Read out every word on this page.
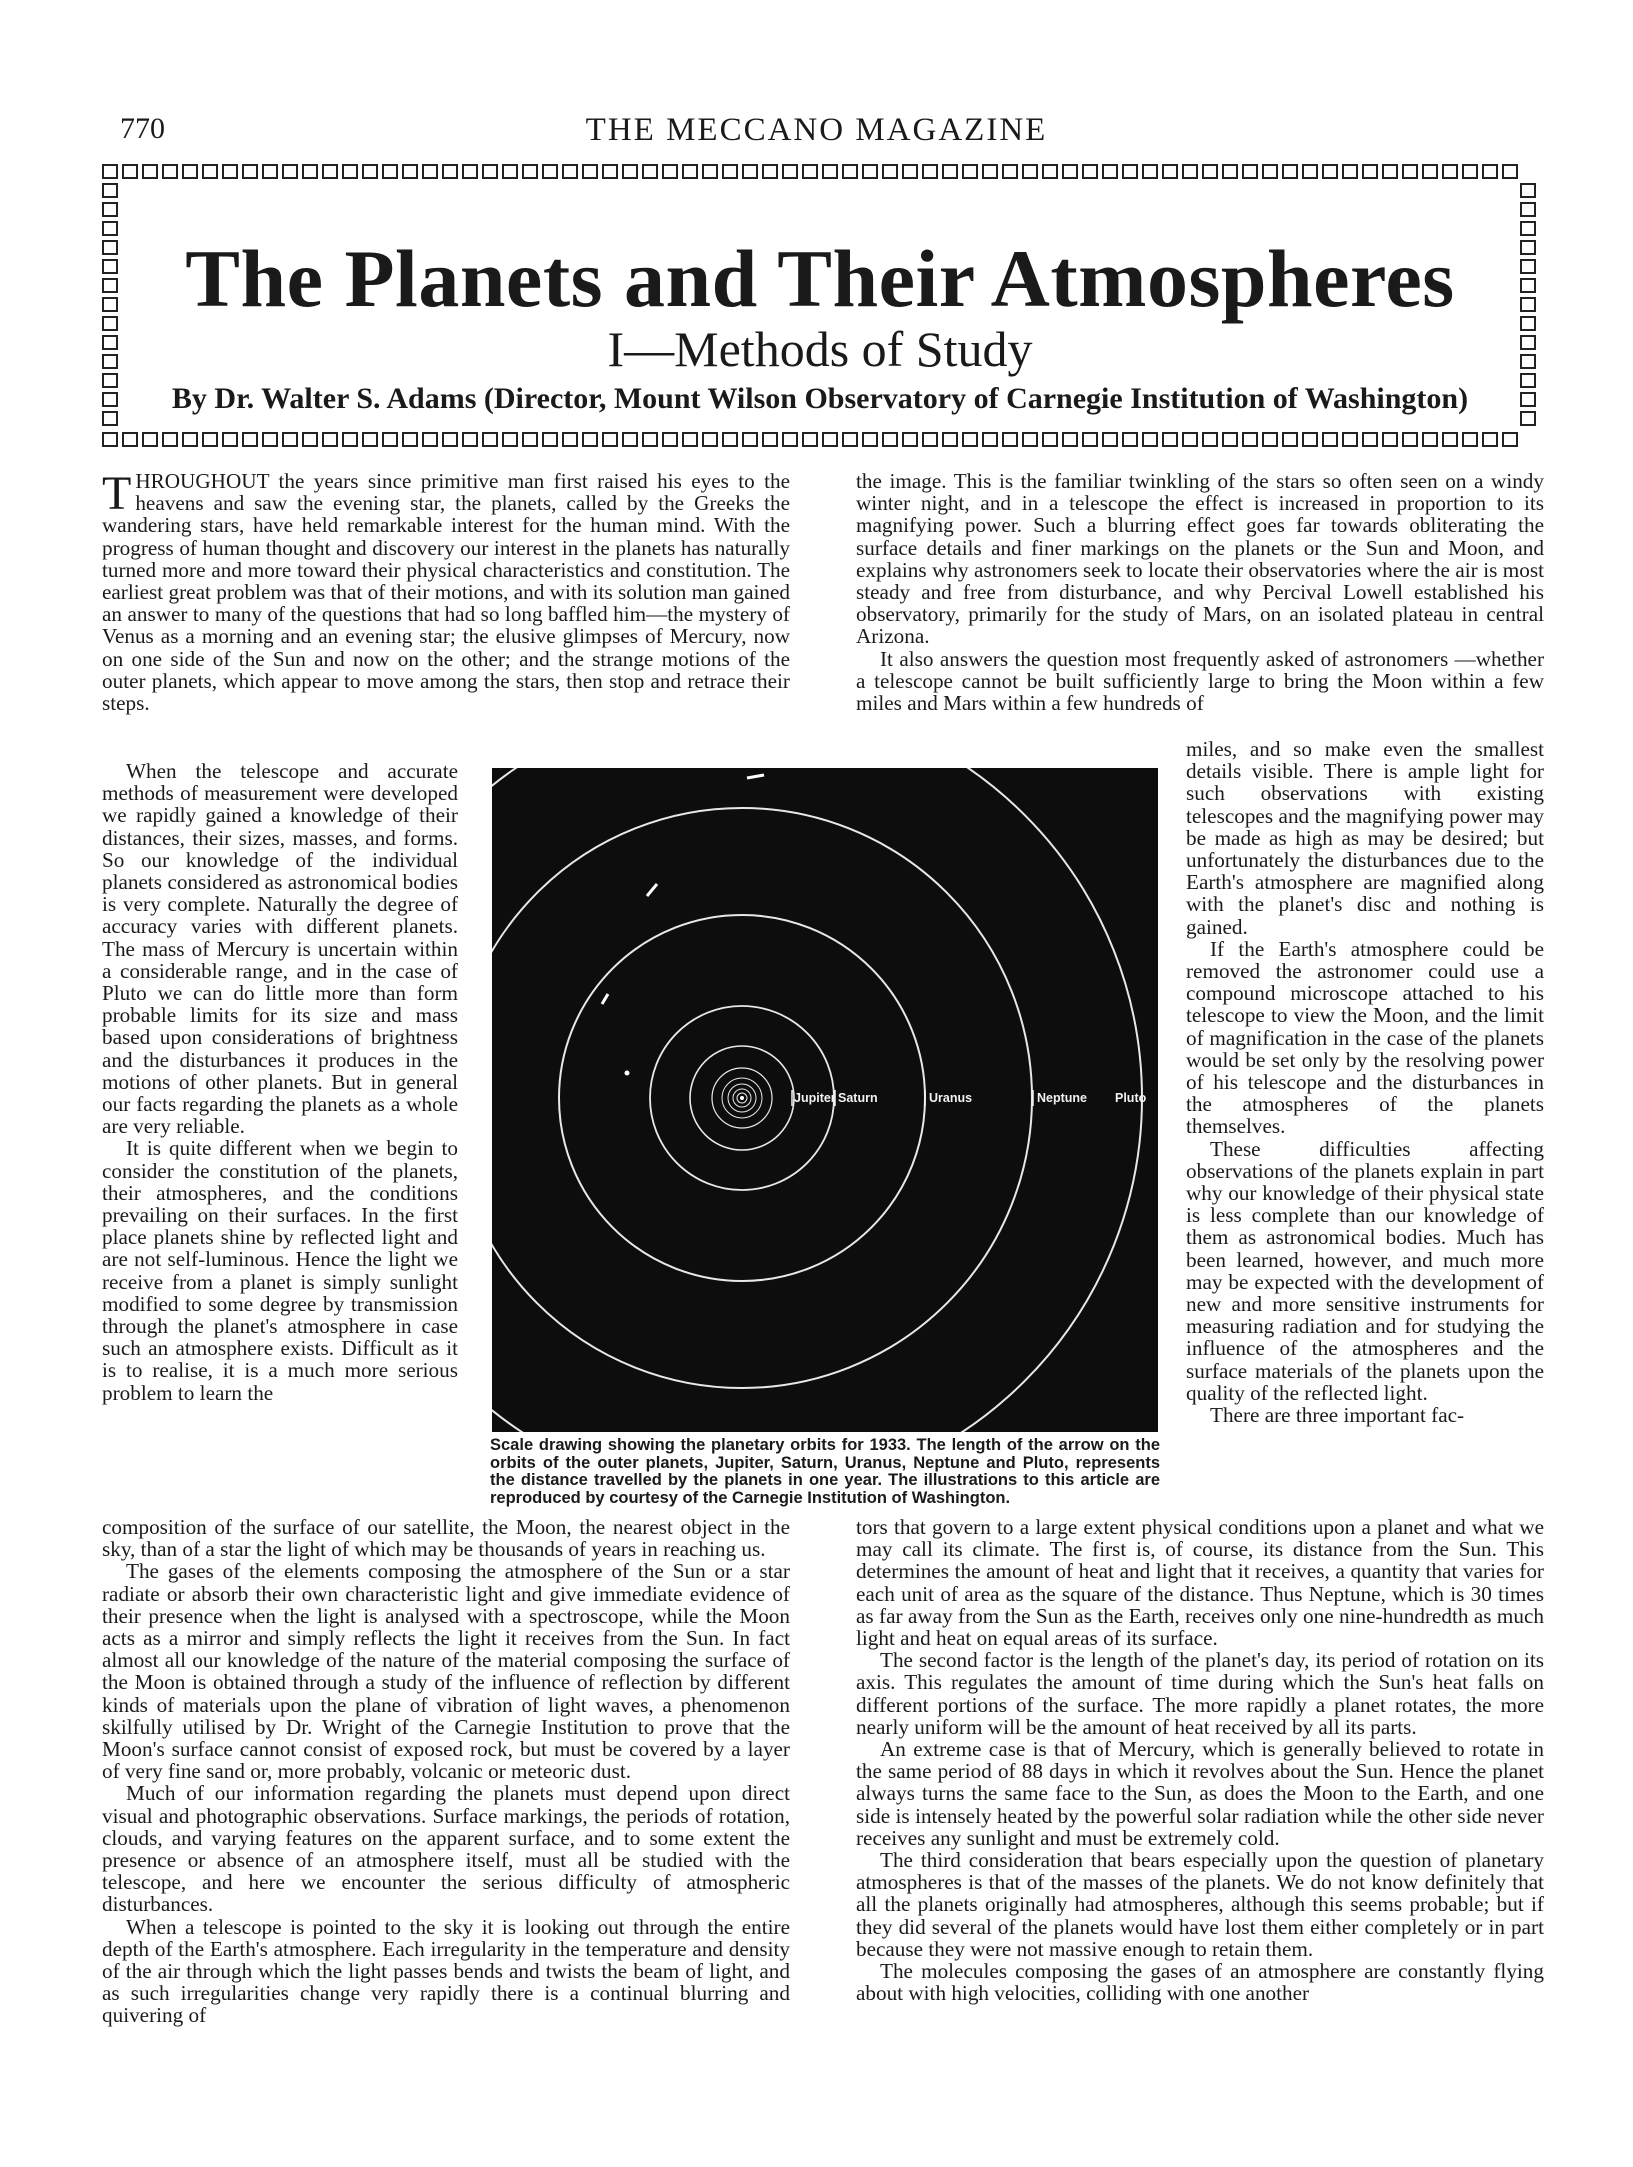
770	THE MECCANO MAGAZINE
The Planets and Their Atmospheres
I—Methods of Study
By Dr. Walter S. Adams (Director, Mount Wilson Observatory of Carnegie Institution of Washington)

THROUGHOUT the years since primitive man first raised his eyes to the heavens and saw the evening star, the planets, called by the Greeks the wandering stars, have held remarkable interest for the human mind. With the progress of human thought and discovery our interest in the planets has naturally turned more and more toward their physical characteristics and constitution. The earliest great problem was that of their motions, and with its solution man gained an answer to many of the questions that had so long baffled him—the mystery of Venus as a morning and an evening star; the elusive glimpses of Mercury, now on one side of the Sun and now on the other; and the strange motions of the outer planets, which appear to move among the stars, then stop and retrace their steps.

When the telescope and accurate methods of measurement were developed we rapidly gained a knowledge of their distances, their sizes, masses, and forms. So our knowledge of the individual planets considered as astronomical bodies is very complete. Naturally the degree of accuracy varies with different planets. The mass of Mercury is uncertain within a considerable range, and in the case of Pluto we can do little more than form probable limits for its size and mass based upon considerations of brightness and the disturbances it produces in the motions of other planets. But in general our facts regarding the planets as a whole are very reliable.

It is quite different when we begin to consider the constitution of the planets, their atmospheres, and the conditions prevailing on their surfaces. In the first place planets shine by reflected light and are not self-luminous. Hence the light we receive from a planet is simply sunlight modified to some degree by transmission through the planet's atmosphere in case such an atmosphere exists. Difficult as it is to realise, it is a much more serious problem to learn the

composition of the surface of our satellite, the Moon, the nearest object in the sky, than of a star the light of which may be thousands of years in reaching us.

The gases of the elements composing the atmosphere of the Sun or a star radiate or absorb their own characteristic light and give immediate evidence of their presence when the light is analysed with a spectroscope, while the Moon acts as a mirror and simply reflects the light it receives from the Sun. In fact almost all our knowledge of the nature of the material composing the surface of the Moon is obtained through a study of the influence of reflection by different kinds of materials upon the plane of vibration of light waves, a phenomenon skilfully utilised by Dr. Wright of the Carnegie Institution to prove that the Moon's surface cannot consist of exposed rock, but must be covered by a layer of very fine sand or, more probably, volcanic or meteoric dust.

Much of our information regarding the planets must depend upon direct visual and photographic observations. Surface markings, the periods of rotation, clouds, and varying features on the apparent surface, and to some extent the presence or absence of an atmosphere itself, must all be studied with the telescope, and here we encounter the serious difficulty of atmospheric disturbances.

When a telescope is pointed to the sky it is looking out through the entire depth of the Earth's atmosphere. Each irregularity in the temperature and density of the air through which the light passes bends and twists the beam of light, and as such irregularities change very rapidly there is a continual blurring and quivering of

the image. This is the familiar twinkling of the stars so often seen on a windy winter night, and in a telescope the effect is increased in proportion to its magnifying power. Such a blurring effect goes far towards obliterating the surface details and finer markings on the planets or the Sun and Moon, and explains why astronomers seek to locate their observatories where the air is most steady and free from disturbance, and why Percival Lowell established his observatory, primarily for the study of Mars, on an isolated plateau in central Arizona.

It also answers the question most frequently asked of astronomers —whether a telescope cannot be built sufficiently large to bring the Moon within a few miles and Mars within a few hundreds of

miles, and so make even the smallest details visible. There is ample light for such observations with existing telescopes and the magnifying power may be made as high as may be desired; but unfortunately the disturbances due to the Earth's atmosphere are magnified along with the planet's disc and nothing is gained.

If the Earth's atmosphere could be removed the astronomer could use a compound microscope attached to his telescope to view the Moon, and the limit of magnification in the case of the planets would be set only by the resolving power of his telescope and the disturbances in the atmospheres of the planets themselves.

These difficulties affecting observations of the planets explain in part why our knowledge of their physical state is less complete than our knowledge of them as astronomical bodies. Much has been learned, however, and much more may be expected with the development of new and more sensitive instruments for measuring radiation and for studying the influence of the atmospheres and the surface materials of the planets upon the quality of the reflected light.

There are three important fac-

tors that govern to a large extent physical conditions upon a planet and what we may call its climate. The first is, of course, its distance from the Sun. This determines the amount of heat and light that it receives, a quantity that varies for each unit of area as the square of the distance. Thus Neptune, which is 30 times as far away from the Sun as the Earth, receives only one nine-hundredth as much light and heat on equal areas of its surface.

The second factor is the length of the planet's day, its period of rotation on its axis. This regulates the amount of time during which the Sun's heat falls on different portions of the surface. The more rapidly a planet rotates, the more nearly uniform will be the amount of heat received by all its parts.

An extreme case is that of Mercury, which is generally believed to rotate in the same period of 88 days in which it revolves about the Sun. Hence the planet always turns the same face to the Sun, as does the Moon to the Earth, and one side is intensely heated by the powerful solar radiation while the other side never receives any sunlight and must be extremely cold.

The third consideration that bears especially upon the question of planetary atmospheres is that of the masses of the planets. We do not know definitely that all the planets originally had atmospheres, although this seems probable; but if they did several of the planets would have lost them either completely or in part because they were not massive enough to retain them.

The molecules composing the gases of an atmosphere are constantly flying about with high velocities, colliding with one another

Jupiter Saturn	Uranus	Neptune Pluto
Scale drawing showing the planetary orbits for 1933. The length of the arrow on the orbits of the outer planets, Jupiter, Saturn, Uranus, Neptune and Pluto, represents the distance travelled by the planets in one year. The illustrations to this article are reproduced by courtesy of the Carnegie Institution of Washington.
